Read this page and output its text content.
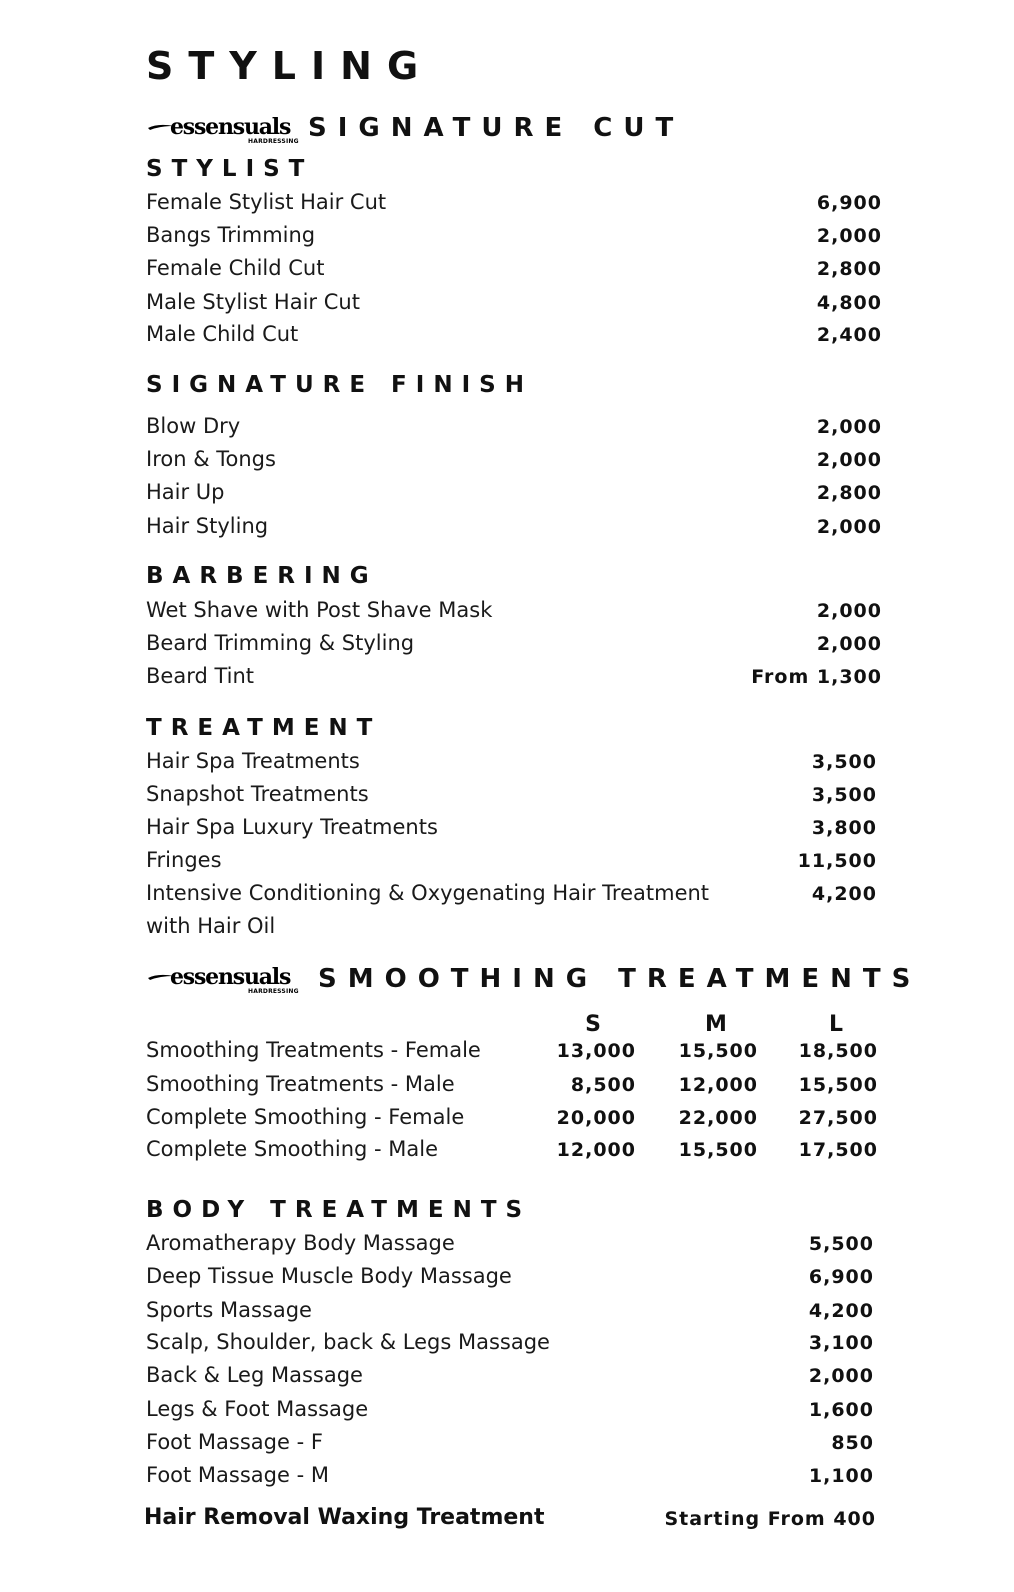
STYLING
essensuals
HARDRESSING SIGNATURE CUT
STYLIST
Female Stylist Hair Cut	6,900
Bangs Trimming	2,000
Female Child Cut	2,800
Male Stylist Hair Cut	4,800
Male Child Cut	2,400
SIGNATURE FINISH
Blow Dry	2,000
Iron & Tongs	2,000
Hair Up	2,800
Hair Styling	2,000
BARBERING
Wet Shave with Post Shave Mask	2,000
Beard Trimming & Styling	2,000
Beard Tint	From 1,300
TREATMENT
Hair Spa Treatments	3,500
Snapshot Treatments	3,500
Hair Spa Luxury Treatments	3,800
Fringes	11,500
Intensive Conditioning & Oxygenating Hair Treatment	4,200
with Hair Oil
essensuals
HARDRESSING SMOOTHING TREATMENTS
S	M	L
Smoothing Treatments - Female	13,000	15,500	18,500
Smoothing Treatments - Male	8,500	12,000	15,500
Complete Smoothing - Female	20,000	22,000	27,500
Complete Smoothing - Male	12,000	15,500	17,500
BODY TREATMENTS
Aromatherapy Body Massage	5,500
Deep Tissue Muscle Body Massage	6,900
Sports Massage	4,200
Scalp, Shoulder, back & Legs Massage	3,100
Back & Leg Massage	2,000
Legs & Foot Massage	1,600
Foot Massage - F	850
Foot Massage - M	1,100
Hair Removal Waxing Treatment	Starting From 400
